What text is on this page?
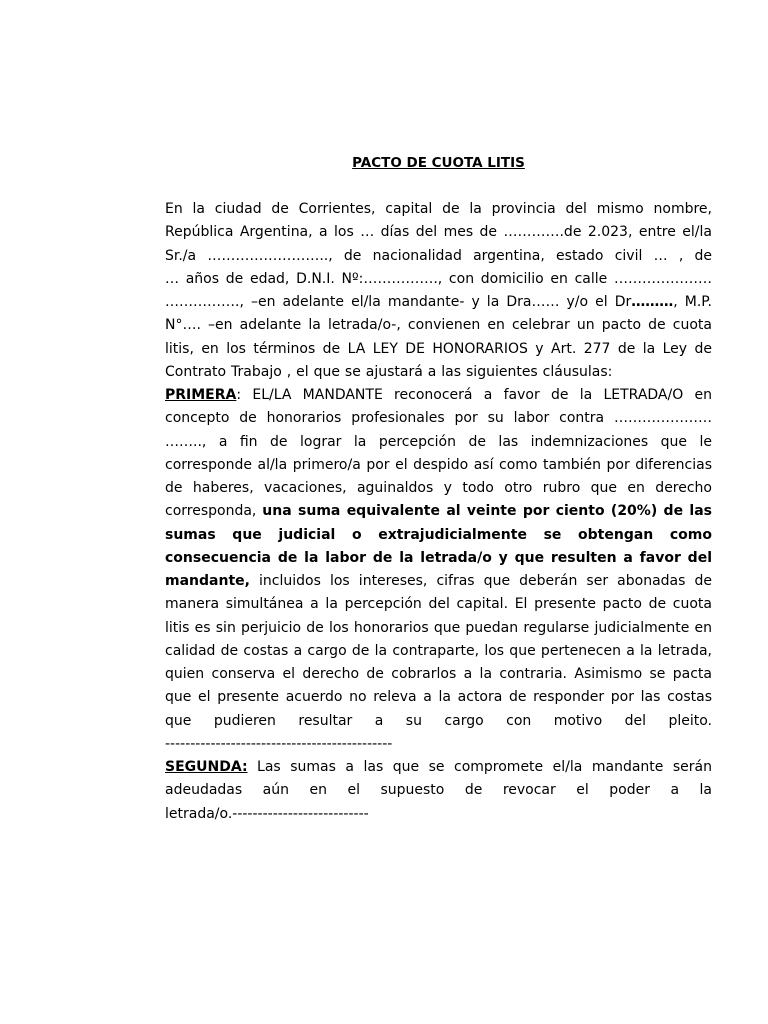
PACTO DE CUOTA LITIS
En la ciudad de Corrientes, capital de la provincia del mismo nombre,
República Argentina, a los … días del mes de ………….de 2.023, entre el/la
Sr./a …………………….., de nacionalidad argentina, estado civil … , de
… años de edad, D.N.I. Nº:……………., con domicilio en calle …………………
……………., –en adelante el/la mandante- y la Dra…… y/o el Dr………, M.P.
N°…. –en adelante la letrada/o-, convienen en celebrar un pacto de cuota
litis, en los términos de LA LEY DE HONORARIOS y Art. 277 de la Ley de
Contrato Trabajo , el que se ajustará a las siguientes cláusulas:
PRIMERA: EL/LA MANDANTE reconocerá a favor de la LETRADA/O en
concepto de honorarios profesionales por su labor contra …………………
…….., a fin de lograr la percepción de las indemnizaciones que le
corresponde al/la primero/a por el despido así como también por diferencias
de haberes, vacaciones, aguinaldos y todo otro rubro que en derecho
corresponda, una suma equivalente al veinte por ciento (20%) de las
sumas que judicial o extrajudicialmente se obtengan como
consecuencia de la labor de la letrada/o y que resulten a favor del
mandante, incluidos los intereses, cifras que deberán ser abonadas de
manera simultánea a la percepción del capital. El presente pacto de cuota
litis es sin perjuicio de los honorarios que puedan regularse judicialmente en
calidad de costas a cargo de la contraparte, los que pertenecen a la letrada,
quien conserva el derecho de cobrarlos a la contraria. Asimismo se pacta
que el presente acuerdo no releva a la actora de responder por las costas
que pudieren resultar a su cargo con motivo del pleito.
---------------------------------------------
SEGUNDA: Las sumas a las que se compromete el/la mandante serán
adeudadas aún en el supuesto de revocar el poder a la
letrada/o.---------------------------
